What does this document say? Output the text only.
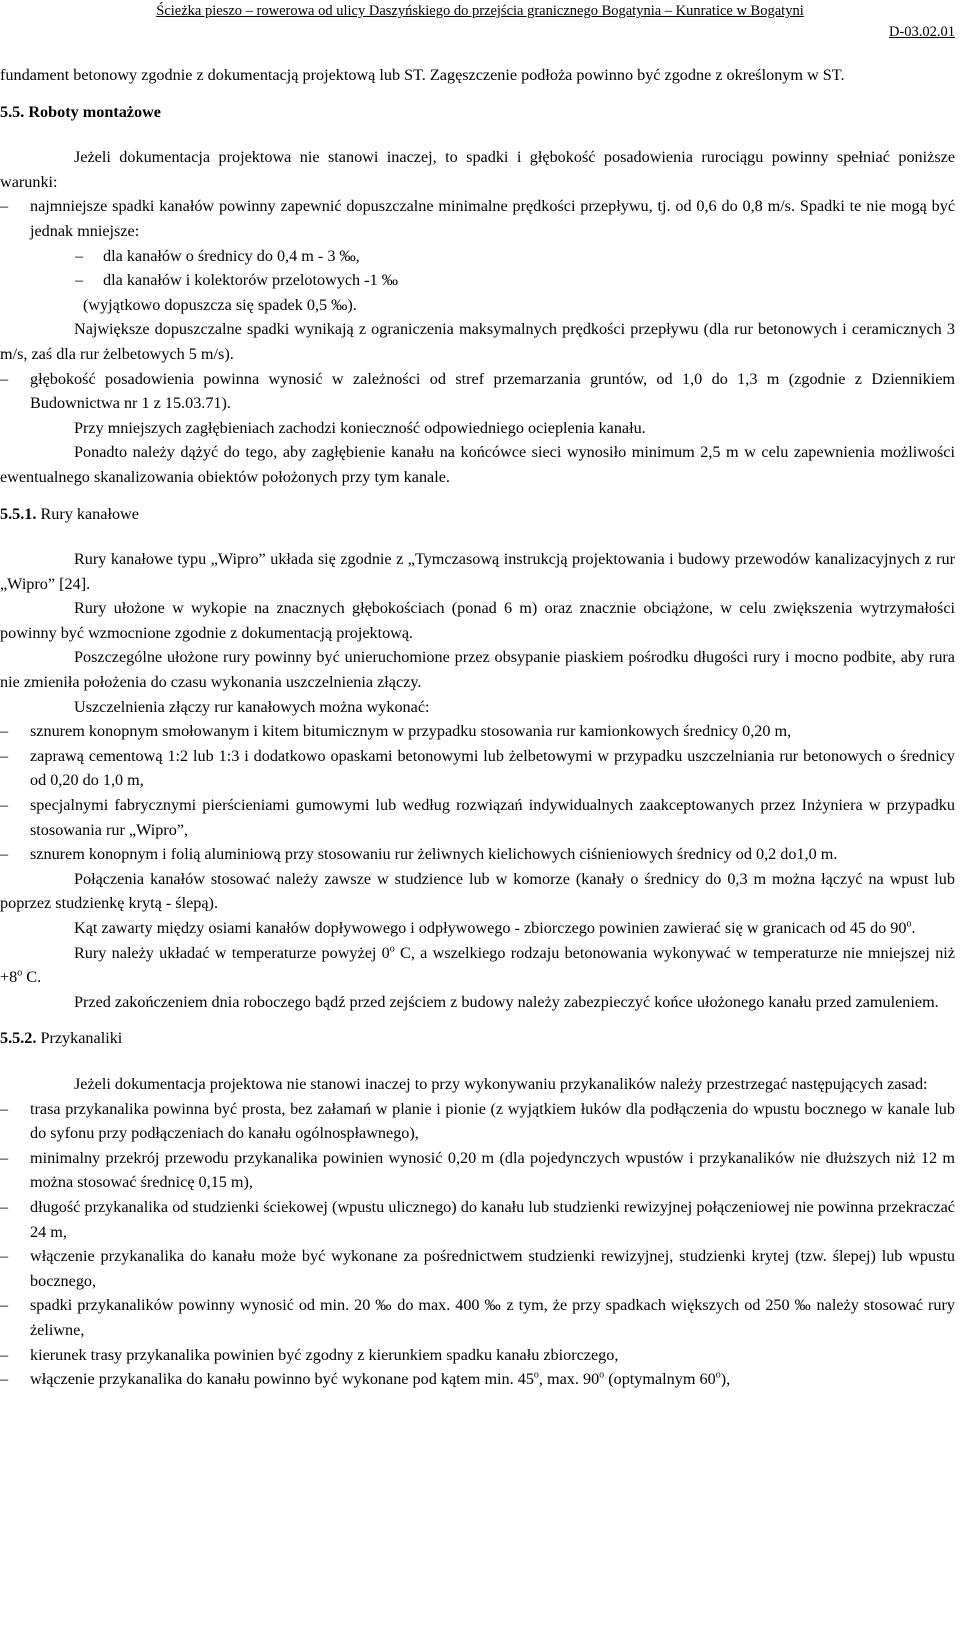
Ścieżka pieszo – rowerowa od ulicy Daszyńskiego do przejścia granicznego Bogatynia – Kunratice w Bogatyni
D-03.02.01

fundament betonowy zgodnie z dokumentacją projektową lub ST. Zagęszczenie podłoża powinno być zgodne z określonym w ST.

5.5. Roboty montażowe

Jeżeli dokumentacja projektowa nie stanowi inaczej, to spadki i głębokość posadowienia rurociągu powinny spełniać poniższe warunki:

– najmniejsze spadki kanałów powinny zapewnić dopuszczalne minimalne prędkości przepływu, tj. od 0,6 do 0,8 m/s. Spadki te nie mogą być jednak mniejsze:

– dla kanałów o średnicy do 0,4 m - 3 ‰,

– dla kanałów i kolektorów przelotowych -1 ‰

(wyjątkowo dopuszcza się spadek 0,5 ‰).

Największe dopuszczalne spadki wynikają z ograniczenia maksymalnych prędkości przepływu (dla rur betonowych i ceramicznych 3 m/s, zaś dla rur żelbetowych 5 m/s).

– głębokość posadowienia powinna wynosić w zależności od stref przemarzania gruntów, od 1,0 do 1,3 m (zgodnie z Dziennikiem Budownictwa nr 1 z 15.03.71).

Przy mniejszych zagłębieniach zachodzi konieczność odpowiedniego ocieplenia kanału.

Ponadto należy dążyć do tego, aby zagłębienie kanału na końcówce sieci wynosiło minimum 2,5 m w celu zapewnienia możliwości ewentualnego skanalizowania obiektów położonych przy tym kanale.

5.5.1. Rury kanałowe

Rury kanałowe typu „Wipro” układa się zgodnie z „Tymczasową instrukcją projektowania i budowy przewodów kanalizacyjnych z rur „Wipro” [24].

Rury ułożone w wykopie na znacznych głębokościach (ponad 6 m) oraz znacznie obciążone, w celu zwiększenia wytrzymałości powinny być wzmocnione zgodnie z dokumentacją projektową.

Poszczególne ułożone rury powinny być unieruchomione przez obsypanie piaskiem pośrodku długości rury i mocno podbite, aby rura nie zmieniła położenia do czasu wykonania uszczelnienia złączy.

Uszczelnienia złączy rur kanałowych można wykonać:

– sznurem konopnym smołowanym i kitem bitumicznym w przypadku stosowania rur kamionkowych średnicy 0,20 m,

– zaprawą cementową 1:2 lub 1:3 i dodatkowo opaskami betonowymi lub żelbetowymi w przypadku uszczelniania rur betonowych o średnicy od 0,20 do 1,0 m,

– specjalnymi fabrycznymi pierścieniami gumowymi lub według rozwiązań indywidualnych zaakceptowanych przez Inżyniera w przypadku stosowania rur „Wipro”,

– sznurem konopnym i folią aluminiową przy stosowaniu rur żeliwnych kielichowych ciśnieniowych średnicy od 0,2 do1,0 m.

Połączenia kanałów stosować należy zawsze w studzience lub w komorze (kanały o średnicy do 0,3 m można łączyć na wpust lub poprzez studzienkę krytą - ślepą).

Kąt zawarty między osiami kanałów dopływowego i odpływowego - zbiorczego powinien zawierać się w granicach od 45 do 90$^o$.

Rury należy układać w temperaturze powyżej 0$^o$ C, a wszelkiego rodzaju betonowania wykonywać w temperaturze nie mniejszej niż $+8^o$ C.

Przed zakończeniem dnia roboczego bądź przed zejściem z budowy należy zabezpieczyć końce ułożonego kanału przed zamuleniem.

5.5.2. Przykanaliki

Jeżeli dokumentacja projektowa nie stanowi inaczej to przy wykonywaniu przykanalików należy przestrzegać następujących zasad:

– trasa przykanalika powinna być prosta, bez załamań w planie i pionie (z wyjątkiem łuków dla podłączenia do wpustu bocznego w kanale lub do syfonu przy podłączeniach do kanału ogólnospławnego),

– minimalny przekrój przewodu przykanalika powinien wynosić 0,20 m (dla pojedynczych wpustów i przykanalików nie dłuższych niż 12 m można stosować średnicę 0,15 m),

– długość przykanalika od studzienki ściekowej (wpustu ulicznego) do kanału lub studzienki rewizyjnej połączeniowej nie powinna przekraczać 24 m,

– włączenie przykanalika do kanału może być wykonane za pośrednictwem studzienki rewizyjnej, studzienki krytej (tzw. ślepej) lub wpustu bocznego,

– spadki przykanalików powinny wynosić od min. 20 ‰ do max. 400 ‰ z tym, że przy spadkach większych od 250 ‰ należy stosować rury żeliwne,

– kierunek trasy przykanalika powinien być zgodny z kierunkiem spadku kanału zbiorczego,

– włączenie przykanalika do kanału powinno być wykonane pod kątem min. 45$^o$, max. 90$^o$ (optymalnym 60$^o$),
